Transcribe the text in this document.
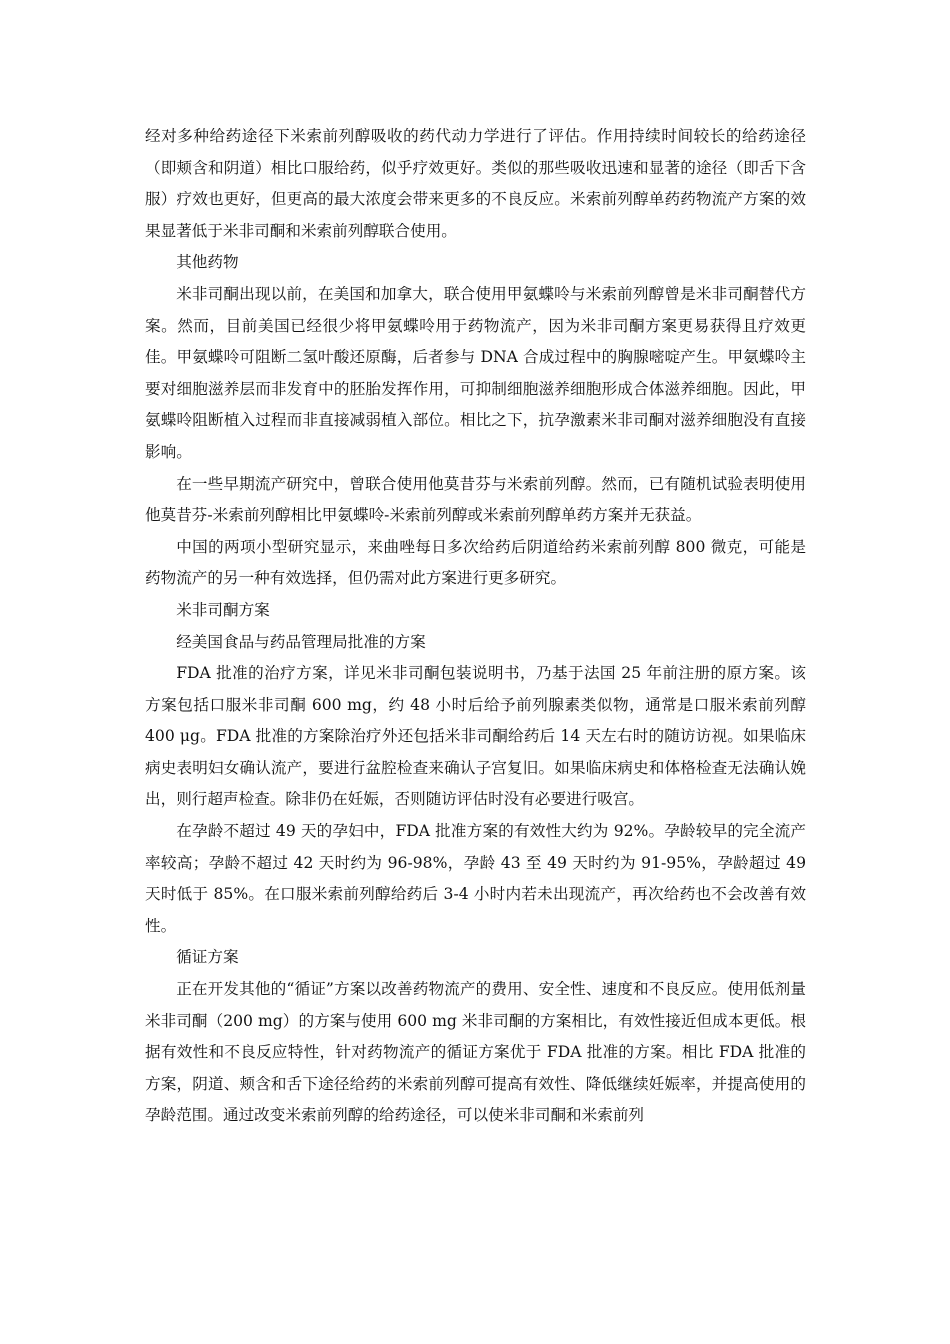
经对多种给药途径下米索前列醇吸收的药代动力学进行了评估。作用持续时间较长的给药途径（即颊含和阴道）相比口服给药，似乎疗效更好。类似的那些吸收迅速和显著的途径（即舌下含服）疗效也更好，但更高的最大浓度会带来更多的不良反应。米索前列醇单药药物流产方案的效果显著低于米非司酮和米索前列醇联合使用。

其他药物

米非司酮出现以前，在美国和加拿大，联合使用甲氨蝶呤与米索前列醇曾是米非司酮替代方案。然而，目前美国已经很少将甲氨蝶呤用于药物流产，因为米非司酮方案更易获得且疗效更佳。甲氨蝶呤可阻断二氢叶酸还原酶，后者参与 DNA 合成过程中的胸腺嘧啶产生。甲氨蝶呤主要对细胞滋养层而非发育中的胚胎发挥作用，可抑制细胞滋养细胞形成合体滋养细胞。因此，甲氨蝶呤阻断植入过程而非直接减弱植入部位。相比之下，抗孕激素米非司酮对滋养细胞没有直接影响。

在一些早期流产研究中，曾联合使用他莫昔芬与米索前列醇。然而，已有随机试验表明使用他莫昔芬-米索前列醇相比甲氨蝶呤-米索前列醇或米索前列醇单药方案并无获益。

中国的两项小型研究显示，来曲唑每日多次给药后阴道给药米索前列醇 800 微克，可能是药物流产的另一种有效选择，但仍需对此方案进行更多研究。

米非司酮方案

经美国食品与药品管理局批准的方案

FDA 批准的治疗方案，详见米非司酮包装说明书，乃基于法国 25 年前注册的原方案。该方案包括口服米非司酮 600 mg，约 48 小时后给予前列腺素类似物，通常是口服米索前列醇 400 μg。FDA 批准的方案除治疗外还包括米非司酮给药后 14 天左右时的随访访视。如果临床病史表明妇女确认流产，要进行盆腔检查来确认子宫复旧。如果临床病史和体格检查无法确认娩出，则行超声检查。除非仍在妊娠，否则随访评估时没有必要进行吸宫。

在孕龄不超过 49 天的孕妇中，FDA 批准方案的有效性大约为 92%。孕龄较早的完全流产率较高；孕龄不超过 42 天时约为 96-98%，孕龄 43 至 49 天时约为 91-95%，孕龄超过 49 天时低于 85%。在口服米索前列醇给药后 3-4 小时内若未出现流产，再次给药也不会改善有效性。

循证方案

正在开发其他的“循证”方案以改善药物流产的费用、安全性、速度和不良反应。使用低剂量米非司酮（200 mg）的方案与使用 600 mg 米非司酮的方案相比，有效性接近但成本更低。根据有效性和不良反应特性，针对药物流产的循证方案优于 FDA 批准的方案。相比 FDA 批准的方案，阴道、颊含和舌下途径给药的米索前列醇可提高有效性、降低继续妊娠率，并提高使用的孕龄范围。通过改变米索前列醇的给药途径，可以使米非司酮和米索前列
